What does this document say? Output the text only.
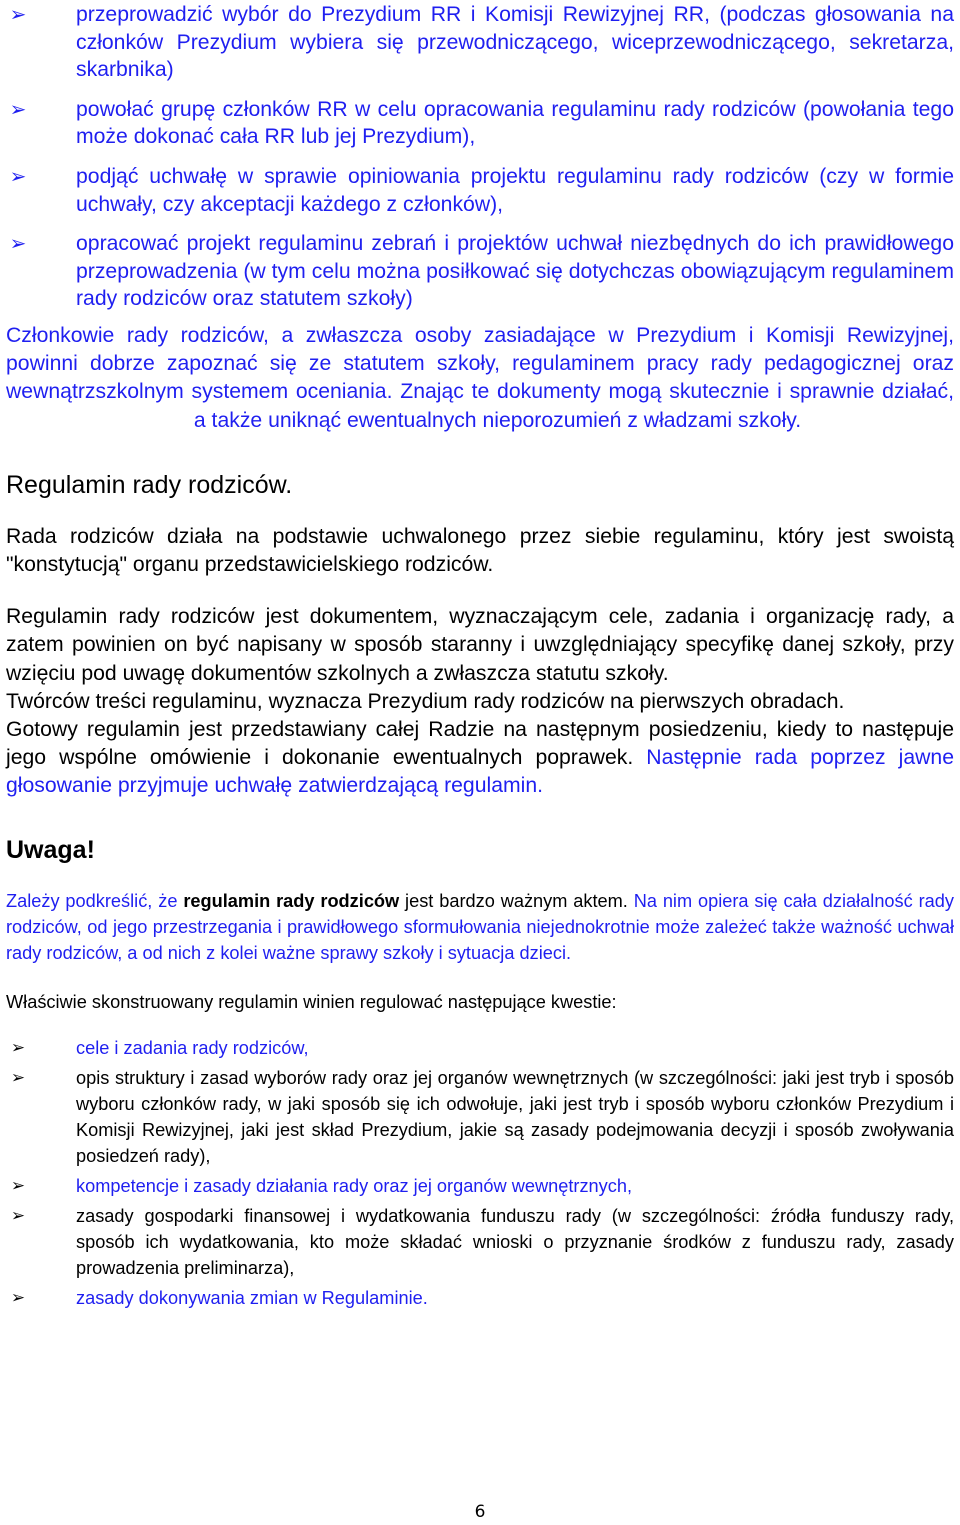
➢ przeprowadzić wybór do Prezydium RR i Komisji Rewizyjnej RR, (podczas głosowania na członków Prezydium wybiera się przewodniczącego, wiceprzewodniczącego, sekretarza, skarbnika)
➢ powołać grupę członków RR w celu opracowania regulaminu rady rodziców (powołania tego może dokonać cała RR lub jej Prezydium),
➢ podjąć uchwałę w sprawie opiniowania projektu regulaminu rady rodziców (czy w formie uchwały, czy akceptacji każdego z członków),
➢ opracować projekt regulaminu zebrań i projektów uchwał niezbędnych do ich prawidłowego przeprowadzenia (w tym celu można posiłkować się dotychczas obowiązującym regulaminem rady rodziców oraz statutem szkoły)

Członkowie rady rodziców, a zwłaszcza osoby zasiadające w Prezydium i Komisji Rewizyjnej, powinni dobrze zapoznać się ze statutem szkoły, regulaminem pracy rady pedagogicznej oraz wewnątrzszkolnym systemem oceniania. Znając te dokumenty mogą skutecznie i sprawnie działać, a także uniknąć ewentualnych nieporozumień z władzami szkoły.

Regulamin rady rodziców.

Rada rodziców działa na podstawie uchwalonego przez siebie regulaminu, który jest swoistą "konstytucją" organu przedstawicielskiego rodziców.

Regulamin rady rodziców jest dokumentem, wyznaczającym cele, zadania i organizację rady, a zatem powinien on być napisany w sposób staranny i uwzględniający specyfikę danej szkoły, przy wzięciu pod uwagę dokumentów szkolnych a zwłaszcza statutu szkoły.
Twórców treści regulaminu, wyznacza Prezydium rady rodziców na pierwszych obradach.
Gotowy regulamin jest przedstawiany całej Radzie na następnym posiedzeniu, kiedy to następuje jego wspólne omówienie i dokonanie ewentualnych poprawek. Następnie rada poprzez jawne głosowanie przyjmuje uchwałę zatwierdzającą regulamin.
Uwaga!

Zależy podkreślić, że regulamin rady rodziców jest bardzo ważnym aktem. Na nim opiera się cała działalność rady rodziców, od jego przestrzegania i prawidłowego sformułowania niejednokrotnie może zależeć także ważność uchwał rady rodziców, a od nich z kolei ważne sprawy szkoły i sytuacja dzieci.

Właściwie skonstruowany regulamin winien regulować następujące kwestie:

➢	cele i zadania rady rodziców,
➢	opis struktury i zasad wyborów rady oraz jej organów wewnętrznych (w szczególności: jaki jest tryb i sposób wyboru członków rady, w jaki sposób się ich odwołuje, jaki jest tryb i sposób wyboru członków Prezydium i Komisji Rewizyjnej, jaki jest skład Prezydium, jakie są zasady podejmowania decyzji i sposób zwoływania posiedzeń rady),
➢	kompetencje i zasady działania rady oraz jej organów wewnętrznych,
➢	zasady gospodarki finansowej i wydatkowania funduszu rady (w szczególności: źródła funduszy rady, sposób ich wydatkowania, kto może składać wnioski o przyznanie środków z funduszu rady, zasady prowadzenia preliminarza),
➢	zasady dokonywania zmian w Regulaminie.
6
